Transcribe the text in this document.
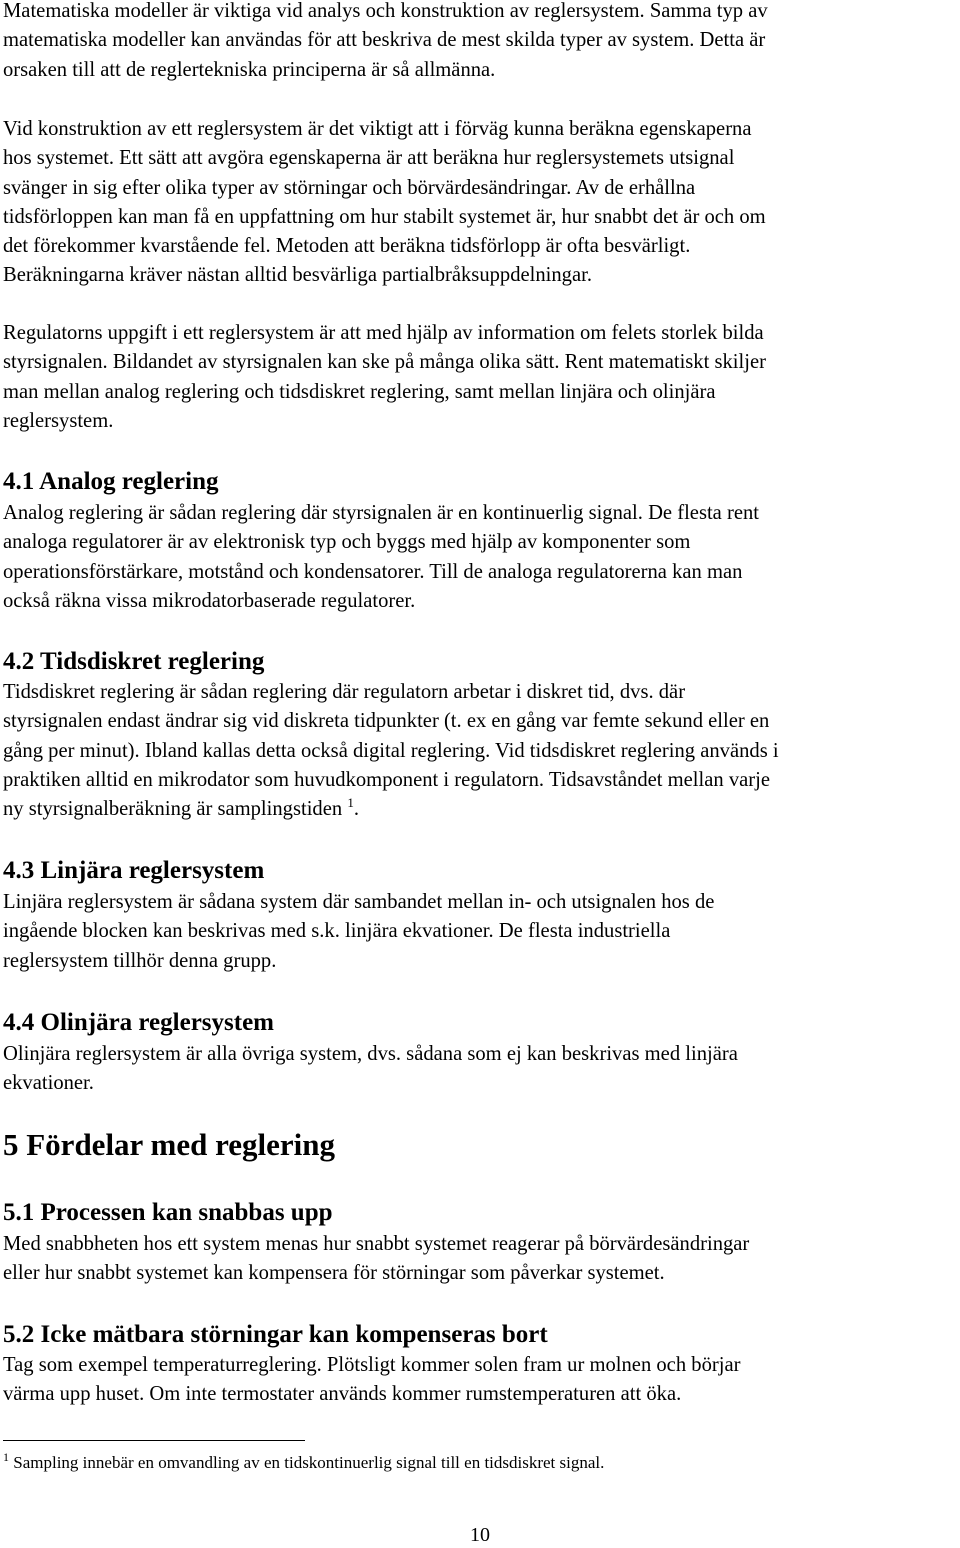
Matematiska modeller är viktiga vid analys och konstruktion av reglersystem. Samma typ av
matematiska modeller kan användas för att beskriva de mest skilda typer av system. Detta är
orsaken till att de reglertekniska principerna är så allmänna.

Vid konstruktion av ett reglersystem är det viktigt att i förväg kunna beräkna egenskaperna
hos systemet. Ett sätt att avgöra egenskaperna är att beräkna hur reglersystemets utsignal
svänger in sig efter olika typer av störningar och börvärdesändringar. Av de erhållna
tidsförloppen kan man få en uppfattning om hur stabilt systemet är, hur snabbt det är och om
det förekommer kvarstående fel. Metoden att beräkna tidsförlopp är ofta besvärligt.
Beräkningarna kräver nästan alltid besvärliga partialbråksuppdelningar.

Regulatorns uppgift i ett reglersystem är att med hjälp av information om felets storlek bilda
styrsignalen. Bildandet av styrsignalen kan ske på många olika sätt. Rent matematiskt skiljer
man mellan analog reglering och tidsdiskret reglering, samt mellan linjära och olinjära
reglersystem.

4.1 Analog reglering

Analog reglering är sådan reglering där styrsignalen är en kontinuerlig signal. De flesta rent
analoga regulatorer är av elektronisk typ och byggs med hjälp av komponenter som
operationsförstärkare, motstånd och kondensatorer. Till de analoga regulatorerna kan man
också räkna vissa mikrodatorbaserade regulatorer.

4.2 Tidsdiskret reglering

Tidsdiskret reglering är sådan reglering där regulatorn arbetar i diskret tid, dvs. där
styrsignalen endast ändrar sig vid diskreta tidpunkter (t. ex en gång var femte sekund eller en
gång per minut). Ibland kallas detta också digital reglering. Vid tidsdiskret reglering används i
praktiken alltid en mikrodator som huvudkomponent i regulatorn. Tidsavståndet mellan varje
ny styrsignalberäkning är samplingstiden $^1$.

4.3 Linjära reglersystem

Linjära reglersystem är sådana system där sambandet mellan in- och utsignalen hos de
ingående blocken kan beskrivas med s.k. linjära ekvationer. De flesta industriella
reglersystem tillhör denna grupp.

4.4 Olinjära reglersystem

Olinjära reglersystem är alla övriga system, dvs. sådana som ej kan beskrivas med linjära
ekvationer.

5 Fördelar med reglering
5.1 Processen kan snabbas upp

Med snabbheten hos ett system menas hur snabbt systemet reagerar på börvärdesändringar
eller hur snabbt systemet kan kompensera för störningar som påverkar systemet.

5.2 Icke mätbara störningar kan kompenseras bort

Tag som exempel temperaturreglering. Plötsligt kommer solen fram ur molnen och börjar
värma upp huset. Om inte termostater används kommer rumstemperaturen att öka.

$^1$ Sampling innebär en omvandling av en tidskontinuerlig signal till en tidsdiskret signal.

10
